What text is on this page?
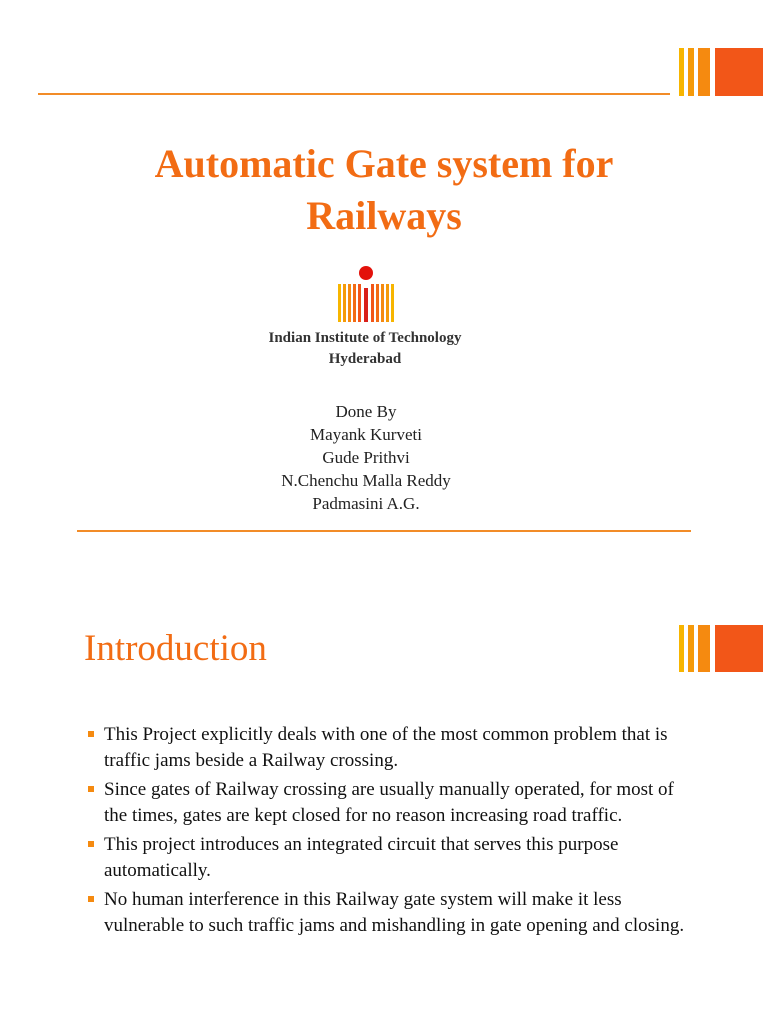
Automatic Gate system for
Railways
Indian Institute of Technology
Hyderabad
Done By
Mayank Kurveti
Gude Prithvi
N.Chenchu Malla Reddy
Padmasini A.G.
Introduction
This Project explicitly deals with one of the most common problem that is traffic jams beside a Railway crossing.
Since gates of Railway crossing are usually manually operated, for most of the times, gates are kept closed for no reason increasing road traffic.
This project introduces an integrated circuit that serves this purpose automatically.
No human interference in this Railway gate system will make it less vulnerable to such traffic jams and mishandling in gate opening and closing.
